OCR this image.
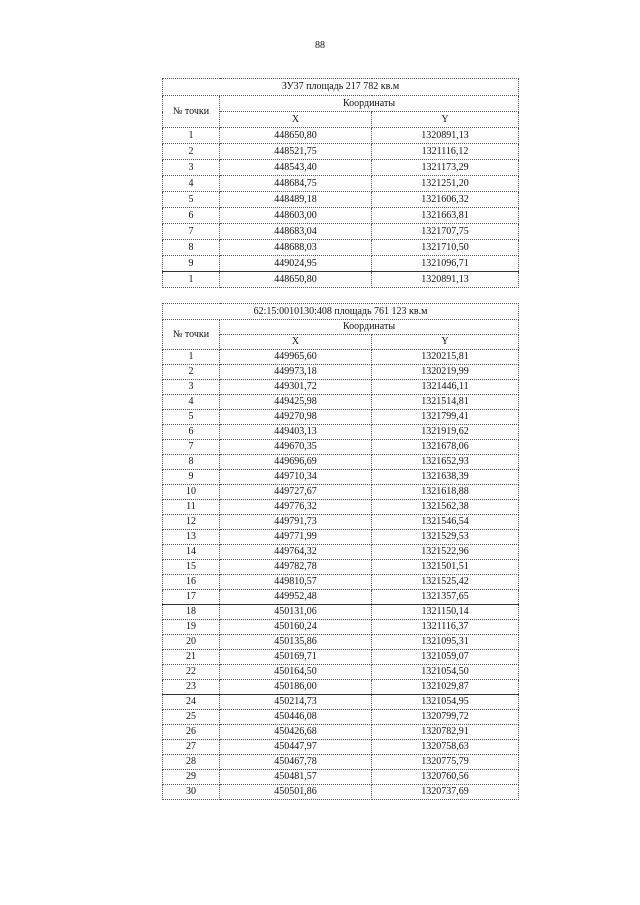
88
ЗУ37 площадь 217 782 кв.м		
№ точки	Координаты	
	X	Y
1	448650,80	1320891,13
2	448521,75	1321116,12
3	448543,40	1321173,29
4	448684,75	1321251,20
5	448489,18	1321606,32
6	448603,00	1321663,81
7	448683,04	1321707,75
8	448688,03	1321710,50
9	449024,95	1321096,71
1	448650,80	1320891,13
62:15:0010130:408 площадь 761 123 кв.м		
№ точки	Координаты	
	X	Y
1	449965,60	1320215,81
2	449973,18	1320219,99
3	449301,72	1321446,11
4	449425,98	1321514,81
5	449270,98	1321799,41
6	449403,13	1321919,62
7	449670,35	1321678,06
8	449696,69	1321652,93
9	449710,34	1321638,39
10	449727,67	1321618,88
11	449776,32	1321562,38
12	449791,73	1321546,54
13	449771,99	1321529,53
14	449764,32	1321522,96
15	449782,78	1321501,51
16	449810,57	1321525,42
17	449952,48	1321357,65
18	450131,06	1321150,14
19	450160,24	1321116,37
20	450135,86	1321095,31
21	450169,71	1321059,07
22	450164,50	1321054,50
23	450186,00	1321029,87
24	450214,73	1321054,95
25	450446,08	1320799,72
26	450426,68	1320782,91
27	450447,97	1320758,63
28	450467,78	1320775,79
29	450481,57	1320760,56
30	450501,86	1320737,69
